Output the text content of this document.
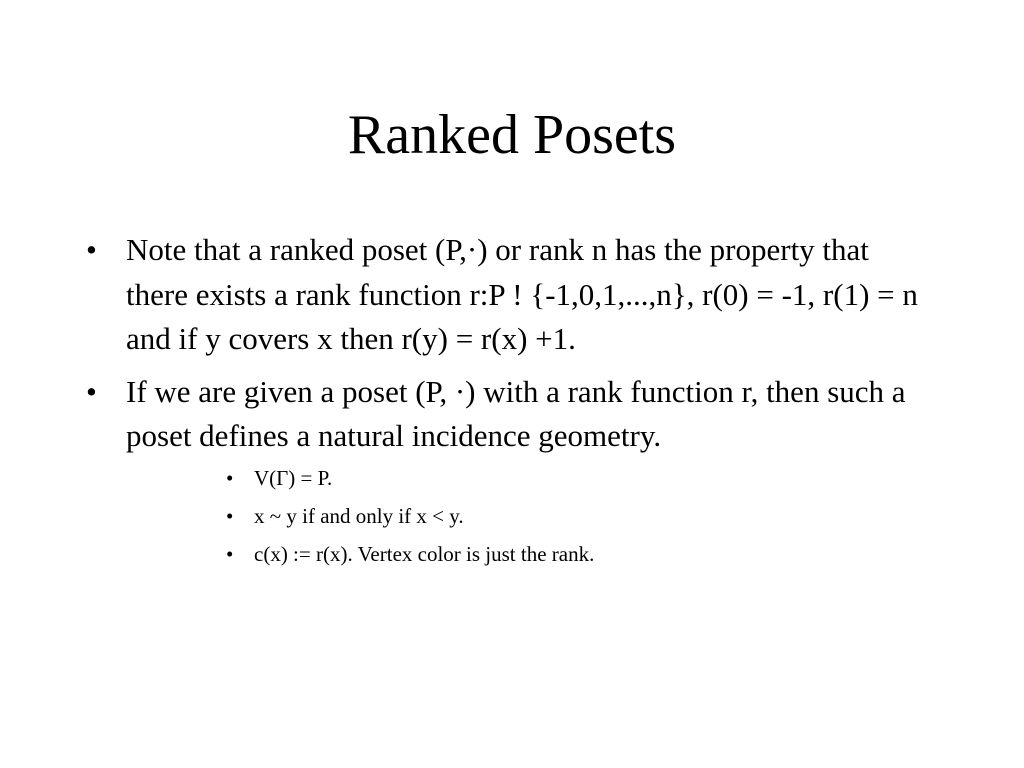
Ranked Posets
• Note that a ranked poset (P,·) or rank n has the property that there exists a rank function r:P ! {-1,0,1,...,n}, r(0) = -1, r(1) = n and if y covers x then r(y) = r(x) +1.
• If we are given a poset (P, ·) with a rank function r, then such a poset defines a natural incidence geometry.
• V(Γ) = P.
• x ~ y if and only if x < y.
• c(x) := r(x). Vertex color is just the rank.
